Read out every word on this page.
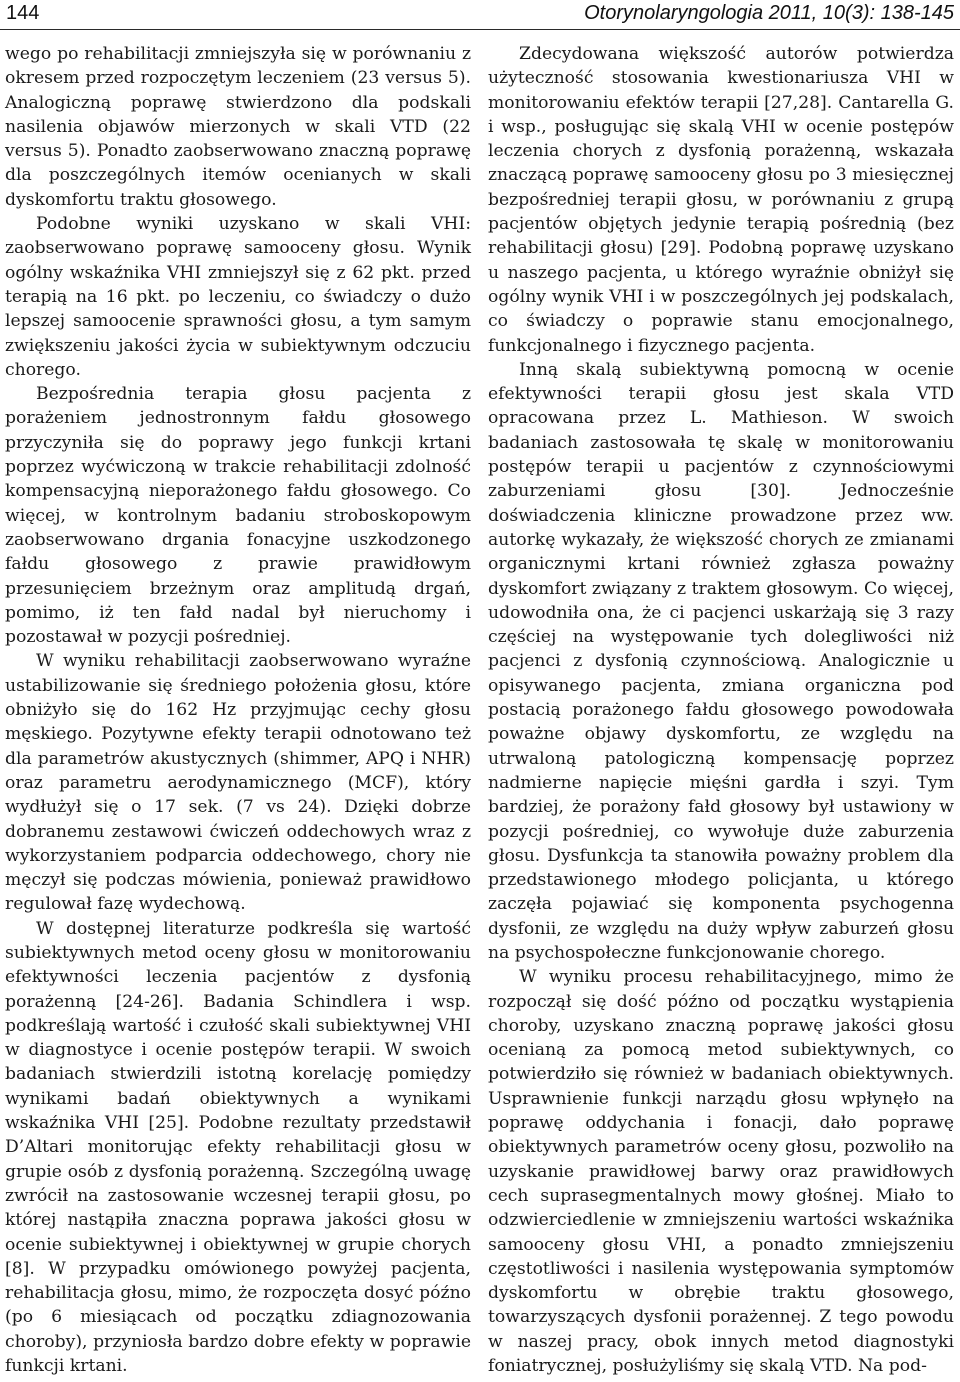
144	Otorynolaryngologia 2011, 10(3): 138-145

wego po rehabilitacji zmniejszyła się w porównaniu z okresem przed rozpoczętym leczeniem (23 versus 5). Analogiczną poprawę stwierdzono dla podskali nasilenia objawów mierzonych w skali VTD (22 versus 5). Ponadto zaobserwowano znaczną poprawę dla poszczególnych itemów ocenianych w skali dyskomfortu traktu głosowego.

Podobne wyniki uzyskano w skali VHI: zaobserwowano poprawę samooceny głosu. Wynik ogólny wskaźnika VHI zmniejszył się z 62 pkt. przed terapią na 16 pkt. po leczeniu, co świadczy o dużo lepszej samoocenie sprawności głosu, a tym samym zwiększeniu jakości życia w subiektywnym odczuciu chorego.

Bezpośrednia terapia głosu pacjenta z porażeniem jednostronnym fałdu głosowego przyczyniła się do poprawy jego funkcji krtani poprzez wyćwiczoną w trakcie rehabilitacji zdolność kompensacyjną nieporażonego fałdu głosowego. Co więcej, w kontrolnym badaniu stroboskopowym zaobserwowano drgania fonacyjne uszkodzonego fałdu głosowego z prawie prawidłowym przesunięciem brzeżnym oraz amplitudą drgań, pomimo, iż ten fałd nadal był nieruchomy i pozostawał w pozycji pośredniej.

W wyniku rehabilitacji zaobserwowano wyraźne ustabilizowanie się średniego położenia głosu, które obniżyło się do 162 Hz przyjmując cechy głosu męskiego. Pozytywne efekty terapii odnotowano też dla parametrów akustycznych (shimmer, APQ i NHR) oraz parametru aerodynamicznego (MCF), który wydłużył się o 17 sek. (7 vs 24). Dzięki dobrze dobranemu zestawowi ćwiczeń oddechowych wraz z wykorzystaniem podparcia oddechowego, chory nie męczył się podczas mówienia, ponieważ prawidłowo regulował fazę wydechową.

W dostępnej literaturze podkreśla się wartość subiektywnych metod oceny głosu w monitorowaniu efektywności leczenia pacjentów z dysfonią porażenną [24-26]. Badania Schindlera i wsp. podkreślają wartość i czułość skali subiektywnej VHI w diagnostyce i ocenie postępów terapii. W swoich badaniach stwierdzili istotną korelację pomiędzy wynikami badań obiektywnych a wynikami wskaźnika VHI [25]. Podobne rezultaty przedstawił D’Altari monitorując efekty rehabilitacji głosu w grupie osób z dysfonią porażenną. Szczególną uwagę zwrócił na zastosowanie wczesnej terapii głosu, po której nastąpiła znaczna poprawa jakości głosu w ocenie subiektywnej i obiektywnej w grupie chorych [8]. W przypadku omówionego powyżej pacjenta, rehabilitacja głosu, mimo, że rozpoczęta dosyć późno (po 6 miesiącach od początku zdiagnozowania choroby), przyniosła bardzo dobre efekty w poprawie funkcji krtani.

Zdecydowana większość autorów potwierdza użyteczność stosowania kwestionariusza VHI w monitorowaniu efektów terapii [27,28]. Cantarella G. i wsp., posługując się skalą VHI w ocenie postępów leczenia chorych z dysfonią porażenną, wskazała znaczącą poprawę samooceny głosu po 3 miesięcznej bezpośredniej terapii głosu, w porównaniu z grupą pacjentów objętych jedynie terapią pośrednią (bez rehabilitacji głosu) [29]. Podobną poprawę uzyskano u naszego pacjenta, u którego wyraźnie obniżył się ogólny wynik VHI i w poszczególnych jej podskalach, co świadczy o poprawie stanu emocjonalnego, funkcjonalnego i fizycznego pacjenta.

Inną skalą subiektywną pomocną w ocenie efektywności terapii głosu jest skala VTD opracowana przez L. Mathieson. W swoich badaniach zastosowała tę skalę w monitorowaniu postępów terapii u pacjentów z czynnościowymi zaburzeniami głosu [30]. Jednocześnie doświadczenia kliniczne prowadzone przez ww. autorkę wykazały, że większość chorych ze zmianami organicznymi krtani również zgłasza poważny dyskomfort związany z traktem głosowym. Co więcej, udowodniła ona, że ci pacjenci uskarżają się 3 razy częściej na występowanie tych dolegliwości niż pacjenci z dysfonią czynnościową. Analogicznie u opisywanego pacjenta, zmiana organiczna pod postacią porażonego fałdu głosowego powodowała poważne objawy dyskomfortu, ze względu na utrwaloną patologiczną kompensację poprzez nadmierne napięcie mięśni gardła i szyi. Tym bardziej, że porażony fałd głosowy był ustawiony w pozycji pośredniej, co wywołuje duże zaburzenia głosu. Dysfunkcja ta stanowiła poważny problem dla przedstawionego młodego policjanta, u którego zaczęła pojawiać się komponenta psychogenna dysfonii, ze względu na duży wpływ zaburzeń głosu na psychospołeczne funkcjonowanie chorego.

W wyniku procesu rehabilitacyjnego, mimo że rozpoczął się dość późno od początku wystąpienia choroby, uzyskano znaczną poprawę jakości głosu ocenianą za pomocą metod subiektywnych, co potwierdziło się również w badaniach obiektywnych. Usprawnienie funkcji narządu głosu wpłynęło na poprawę oddychania i fonacji, dało poprawę obiektywnych parametrów oceny głosu, pozwoliło na uzyskanie prawidłowej barwy oraz prawidłowych cech suprasegmentalnych mowy głośnej. Miało to odzwierciedlenie w zmniejszeniu wartości wskaźnika samooceny głosu VHI, a ponadto zmniejszeniu częstotliwości i nasilenia występowania symptomów dyskomfortu w obrębie traktu głosowego, towarzyszących dysfonii porażennej. Z tego powodu w naszej pracy, obok innych metod diagnostyki foniatrycznej, posłużyliśmy się skalą VTD. Na pod-
